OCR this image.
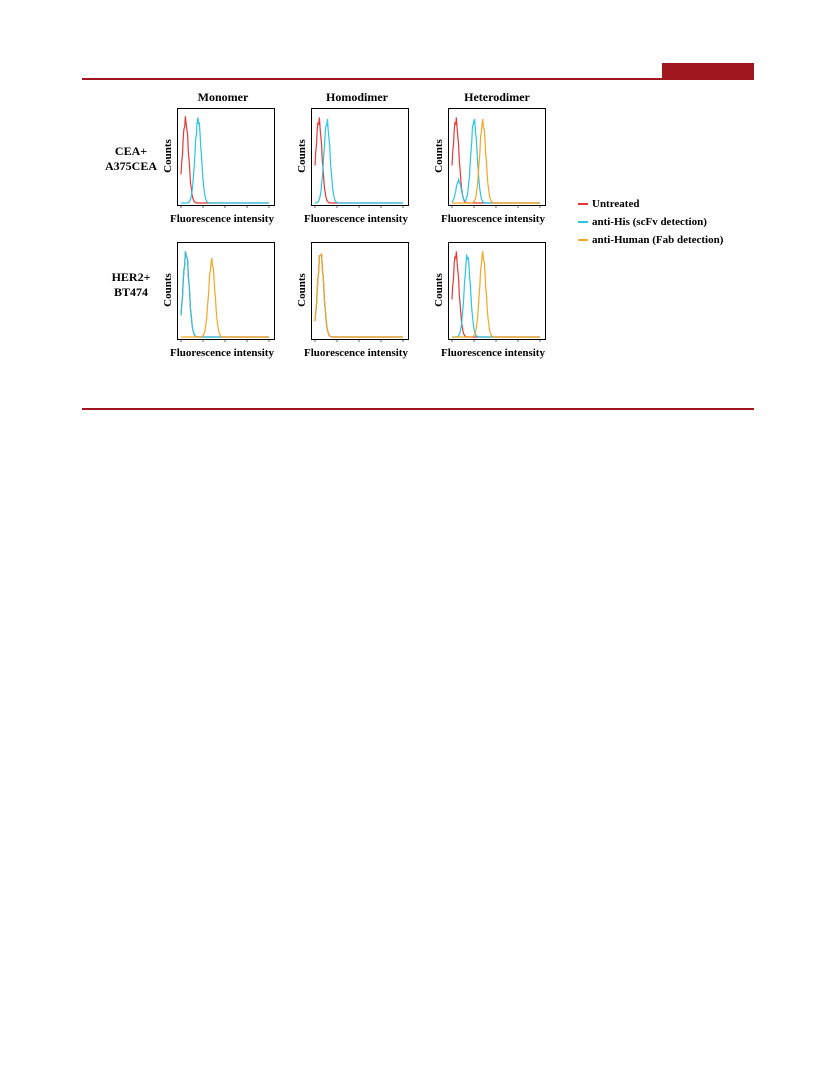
Monomer	Homodimer	Heterodimer
CEA+
A375CEA
HER2+
BT474
Counts
Fluorescence intensity
Counts
Fluorescence intensity
Counts
Fluorescence intensity
Counts
Fluorescence intensity
Counts
Fluorescence intensity
Counts
Fluorescence intensity
Untreated
anti-His (scFv detection)
anti-Human (Fab detection)
